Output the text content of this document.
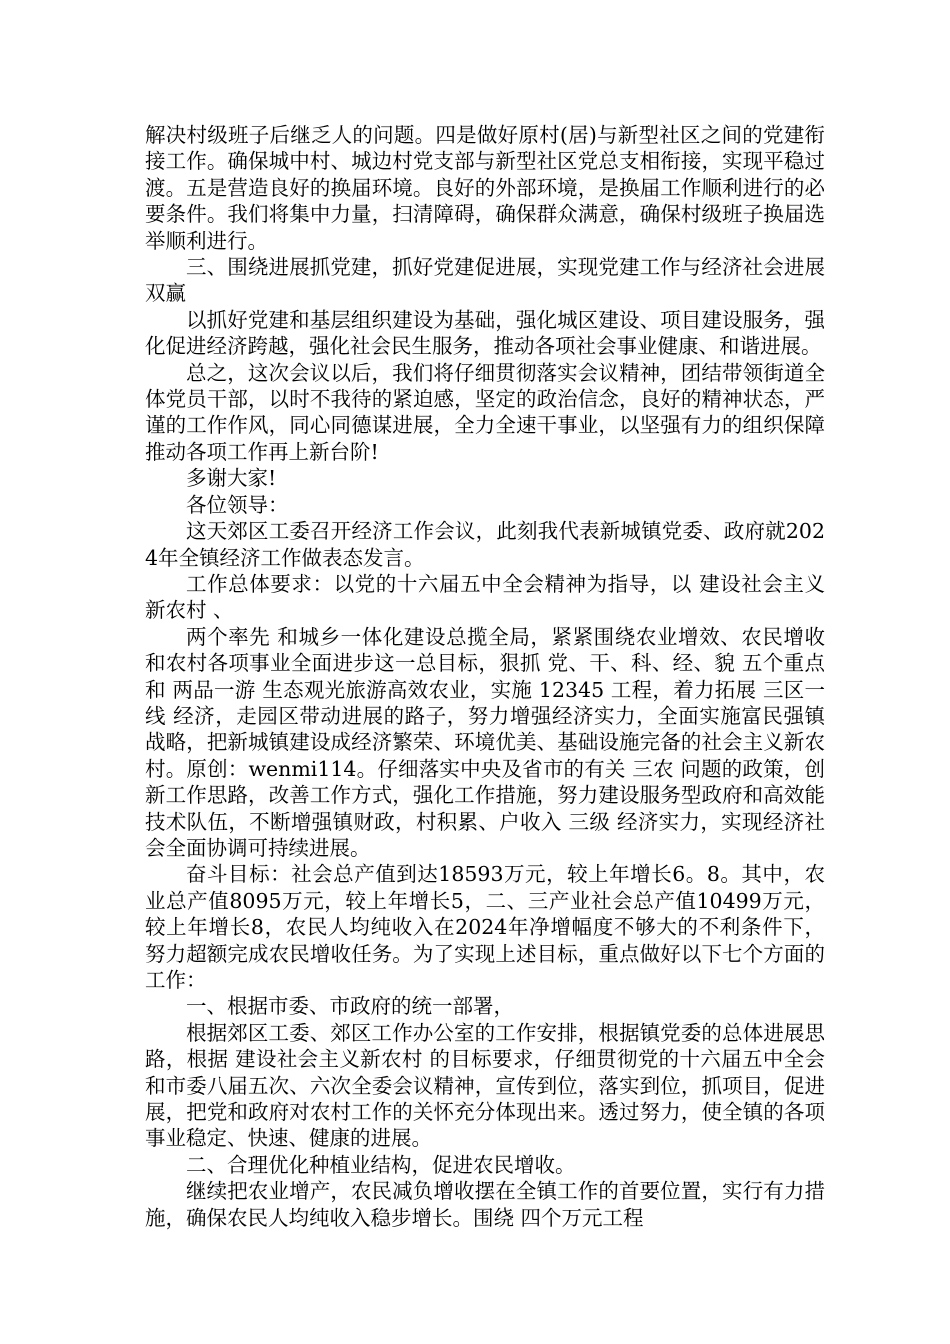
解决村级班子后继乏人的问题。四是做好原村(居)与新型社区之间的党建衔接工作。确保城中村、城边村党支部与新型社区党总支相衔接，实现平稳过渡。五是营造良好的换届环境。良好的外部环境，是换届工作顺利进行的必要条件。我们将集中力量，扫清障碍，确保群众满意，确保村级班子换届选举顺利进行。

三、围绕进展抓党建，抓好党建促进展，实现党建工作与经济社会进展 双赢

以抓好党建和基层组织建设为基础，强化城区建设、项目建设服务，强化促进经济跨越，强化社会民生服务，推动各项社会事业健康、和谐进展。

总之，这次会议以后，我们将仔细贯彻落实会议精神，团结带领街道全体党员干部，以时不我待的紧迫感，坚定的政治信念，良好的精神状态，严谨的工作作风，同心同德谋进展，全力全速干事业，以坚强有力的组织保障推动各项工作再上新台阶!

多谢大家!

各位领导：

这天郊区工委召开经济工作会议，此刻我代表新城镇党委、政府就2024年全镇经济工作做表态发言。

工作总体要求：以党的十六届五中全会精神为指导，以 建设社会主义新农村 、

两个率先 和城乡一体化建设总揽全局，紧紧围绕农业增效、农民增收和农村各项事业全面进步这一总目标，狠抓 党、干、科、经、貌 五个重点和 两品一游 生态观光旅游高效农业，实施 12345 工程，着力拓展 三区一线 经济，走园区带动进展的路子，努力增强经济实力，全面实施富民强镇战略，把新城镇建设成经济繁荣、环境优美、基础设施完备的社会主义新农村。原创：wenmi114。仔细落实中央及省市的有关 三农 问题的政策，创新工作思路，改善工作方式，强化工作措施，努力建设服务型政府和高效能技术队伍，不断增强镇财政，村积累、户收入 三级 经济实力，实现经济社会全面协调可持续进展。

奋斗目标：社会总产值到达18593万元，较上年增长6。8。其中，农业总产值8095万元，较上年增长5，二、三产业社会总产值10499万元，较上年增长8，农民人均纯收入在2024年净增幅度不够大的不利条件下，努力超额完成农民增收任务。为了实现上述目标，重点做好以下七个方面的工作：

一、根据市委、市政府的统一部署，

根据郊区工委、郊区工作办公室的工作安排，根据镇党委的总体进展思路，根据 建设社会主义新农村 的目标要求，仔细贯彻党的十六届五中全会和市委八届五次、六次全委会议精神，宣传到位，落实到位，抓项目，促进展，把党和政府对农村工作的关怀充分体现出来。透过努力，使全镇的各项事业稳定、快速、健康的进展。

二、合理优化种植业结构，促进农民增收。

继续把农业增产，农民减负增收摆在全镇工作的首要位置，实行有力措施，确保农民人均纯收入稳步增长。围绕 四个万元工程
